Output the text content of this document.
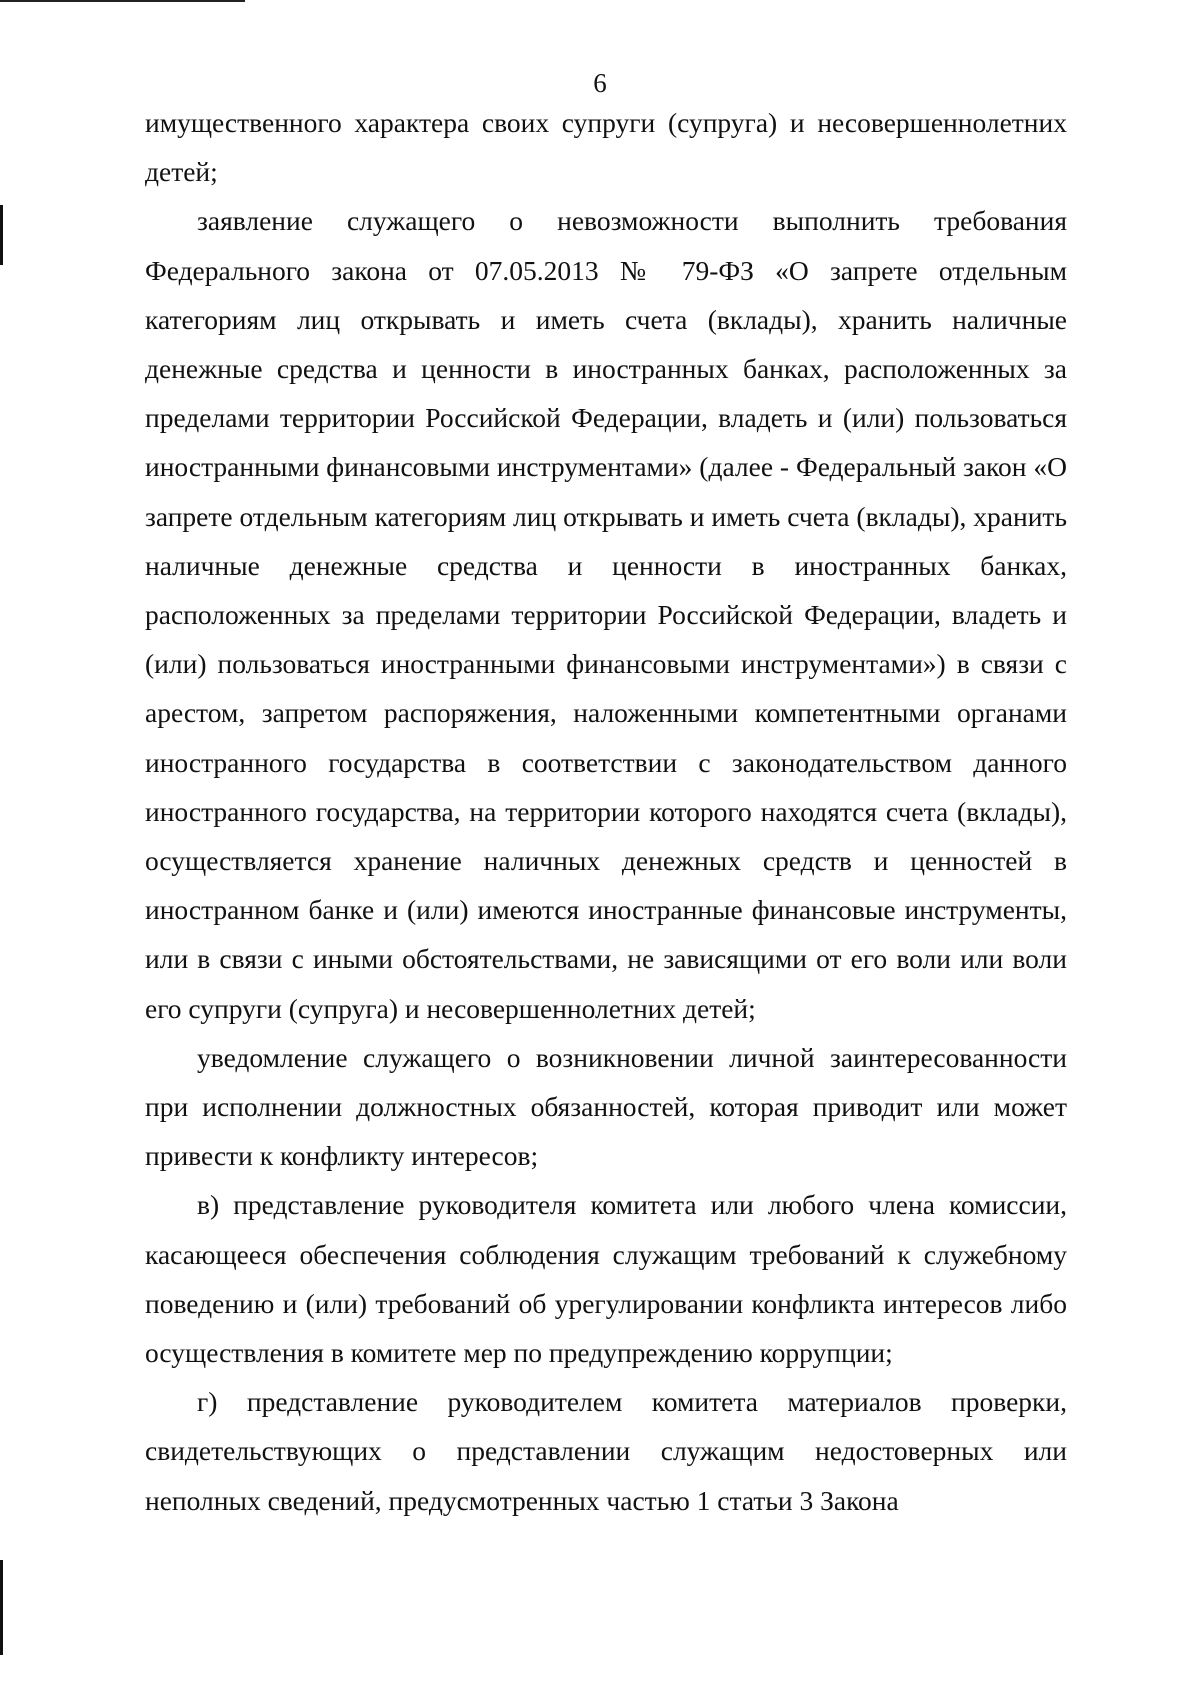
6

имущественного характера своих супруги (супруга) и несовершеннолетних детей;

заявление служащего о невозможности выполнить требования Федерального закона от 07.05.2013 № 79-ФЗ «О запрете отдельным категориям лиц открывать и иметь счета (вклады), хранить наличные денежные средства и ценности в иностранных банках, расположенных за пределами территории Российской Федерации, владеть и (или) пользоваться иностранными финансовыми инструментами» (далее - Федеральный закон «О запрете отдельным категориям лиц открывать и иметь счета (вклады), хранить наличные денежные средства и ценности в иностранных банках, расположенных за пределами территории Российской Федерации, владеть и (или) пользоваться иностранными финансовыми инструментами») в связи с арестом, запретом распоряжения, наложенными компетентными органами иностранного государства в соответствии с законодательством данного иностранного государства, на территории которого находятся счета (вклады), осуществляется хранение наличных денежных средств и ценностей в иностранном банке и (или) имеются иностранные финансовые инструменты, или в связи с иными обстоятельствами, не зависящими от его воли или воли его супруги (супруга) и несовершеннолетних детей;

уведомление служащего о возникновении личной заинтересованности при исполнении должностных обязанностей, которая приводит или может привести к конфликту интересов;

в) представление руководителя комитета или любого члена комиссии, касающееся обеспечения соблюдения служащим требований к служебному поведению и (или) требований об урегулировании конфликта интересов либо осуществления в комитете мер по предупреждению коррупции;

г) представление руководителем комитета материалов проверки, свидетельствующих о представлении служащим недостоверных или неполных сведений, предусмотренных частью 1 статьи 3 Закона
